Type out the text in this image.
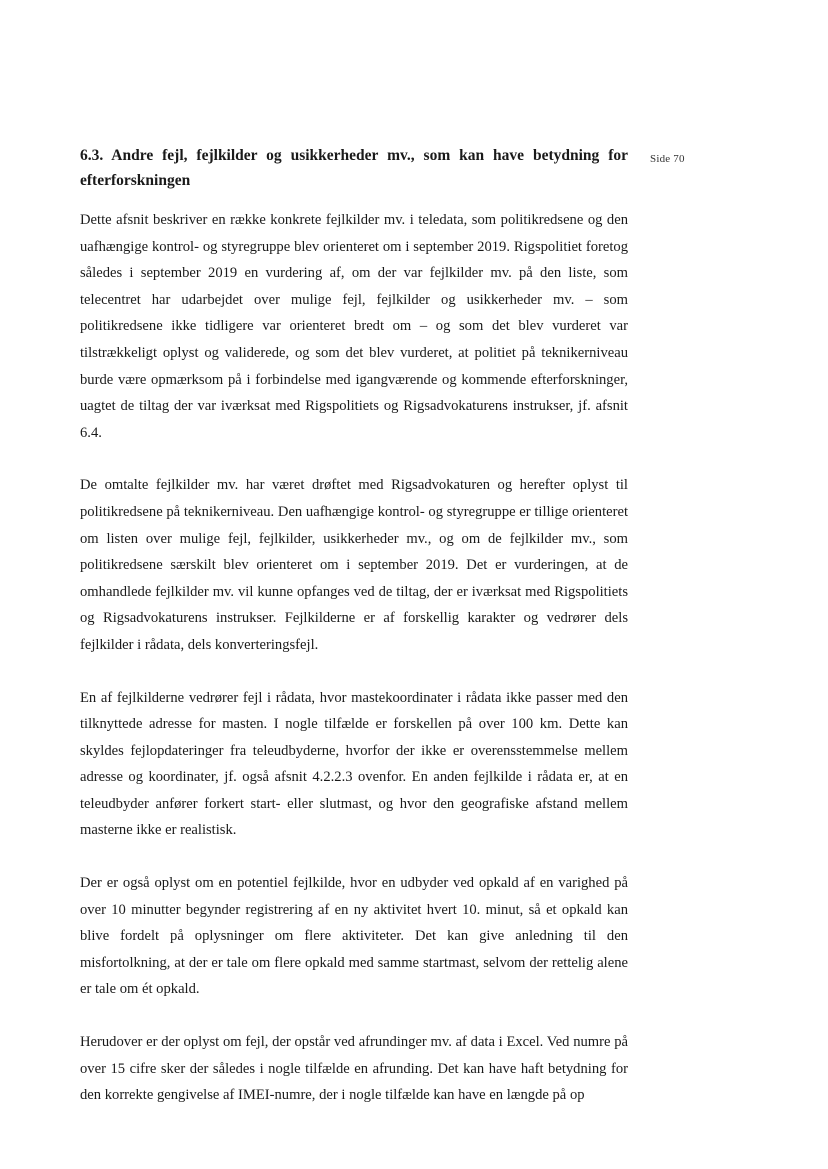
Side 70
6.3. Andre fejl, fejlkilder og usikkerheder mv., som kan have betydning for efterforskningen

Dette afsnit beskriver en række konkrete fejlkilder mv. i teledata, som politikredsene og den uafhængige kontrol- og styregruppe blev orienteret om i september 2019. Rigspolitiet foretog således i september 2019 en vurdering af, om der var fejlkilder mv. på den liste, som telecentret har udarbejdet over mulige fejl, fejlkilder og usikkerheder mv. – som politikredsene ikke tidligere var orienteret bredt om – og som det blev vurderet var tilstrækkeligt oplyst og validerede, og som det blev vurderet, at politiet på teknikerniveau burde være opmærksom på i forbindelse med igangværende og kommende efterforskninger, uagtet de tiltag der var iværksat med Rigspolitiets og Rigsadvokaturens instrukser, jf. afsnit 6.4.

De omtalte fejlkilder mv. har været drøftet med Rigsadvokaturen og herefter oplyst til politikredsene på teknikerniveau. Den uafhængige kontrol- og styregruppe er tillige orienteret om listen over mulige fejl, fejlkilder, usikkerheder mv., og om de fejlkilder mv., som politikredsene særskilt blev orienteret om i september 2019. Det er vurderingen, at de omhandlede fejlkilder mv. vil kunne opfanges ved de tiltag, der er iværksat med Rigspolitiets og Rigsadvokaturens instrukser. Fejlkilderne er af forskellig karakter og vedrører dels fejlkilder i rådata, dels konverteringsfejl.

En af fejlkilderne vedrører fejl i rådata, hvor mastekoordinater i rådata ikke passer med den tilknyttede adresse for masten. I nogle tilfælde er forskellen på over 100 km. Dette kan skyldes fejlopdateringer fra teleudbyderne, hvorfor der ikke er overensstemmelse mellem adresse og koordinater, jf. også afsnit 4.2.2.3 ovenfor. En anden fejlkilde i rådata er, at en teleudbyder anfører forkert start- eller slutmast, og hvor den geografiske afstand mellem masterne ikke er realistisk.

Der er også oplyst om en potentiel fejlkilde, hvor en udbyder ved opkald af en varighed på over 10 minutter begynder registrering af en ny aktivitet hvert 10. minut, så et opkald kan blive fordelt på oplysninger om flere aktiviteter. Det kan give anledning til den misfortolkning, at der er tale om flere opkald med samme startmast, selvom der rettelig alene er tale om ét opkald.

Herudover er der oplyst om fejl, der opstår ved afrundinger mv. af data i Excel. Ved numre på over 15 cifre sker der således i nogle tilfælde en afrunding. Det kan have haft betydning for den korrekte gengivelse af IMEI-numre, der i nogle tilfælde kan have en længde på op
